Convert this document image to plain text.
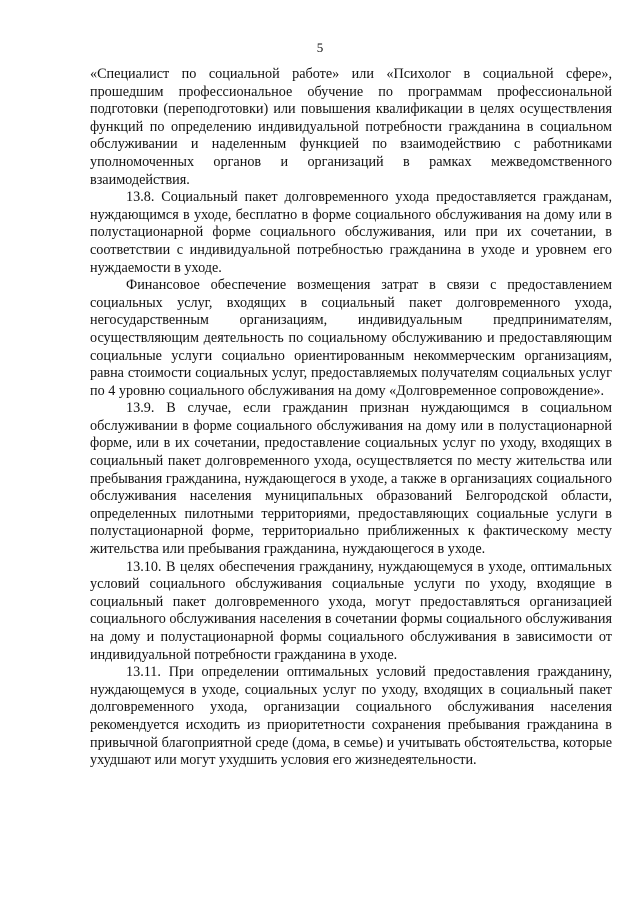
5

«Специалист по социальной работе» или «Психолог в социальной сфере», прошедшим профессиональное обучение по программам профессиональной подготовки (переподготовки) или повышения квалификации в целях осуществления функций по определению индивидуальной потребности гражданина в социальном обслуживании и наделенным функцией по взаимодействию с работниками уполномоченных органов и организаций в рамках межведомственного взаимодействия.

13.8. Социальный пакет долговременного ухода предоставляется гражданам, нуждающимся в уходе, бесплатно в форме социального обслуживания на дому или в полустационарной форме социального обслуживания, или при их сочетании, в соответствии с индивидуальной потребностью гражданина в уходе и уровнем его нуждаемости в уходе.

Финансовое обеспечение возмещения затрат в связи с предоставлением социальных услуг, входящих в социальный пакет долговременного ухода, негосударственным организациям, индивидуальным предпринимателям, осуществляющим деятельность по социальному обслуживанию и предоставляющим социальные услуги социально ориентированным некоммерческим организациям, равна стоимости социальных услуг, предоставляемых получателям социальных услуг по 4 уровню социального обслуживания на дому «Долговременное сопровождение».

13.9. В случае, если гражданин признан нуждающимся в социальном обслуживании в форме социального обслуживания на дому или в полустационарной форме, или в их сочетании, предоставление социальных услуг по уходу, входящих в социальный пакет долговременного ухода, осуществляется по месту жительства или пребывания гражданина, нуждающегося в уходе, а также в организациях социального обслуживания населения муниципальных образований Белгородской области, определенных пилотными территориями, предоставляющих социальные услуги в полустационарной форме, территориально приближенных к фактическому месту жительства или пребывания гражданина, нуждающегося в уходе.

13.10. В целях обеспечения гражданину, нуждающемуся в уходе, оптимальных условий социального обслуживания социальные услуги по уходу, входящие в социальный пакет долговременного ухода, могут предоставляться организацией социального обслуживания населения в сочетании формы социального обслуживания на дому и полустационарной формы социального обслуживания в зависимости от индивидуальной потребности гражданина в уходе.

13.11. При определении оптимальных условий предоставления гражданину, нуждающемуся в уходе, социальных услуг по уходу, входящих в социальный пакет долговременного ухода, организации социального обслуживания населения рекомендуется исходить из приоритетности сохранения пребывания гражданина в привычной благоприятной среде (дома, в семье) и учитывать обстоятельства, которые ухудшают или могут ухудшить условия его жизнедеятельности.
